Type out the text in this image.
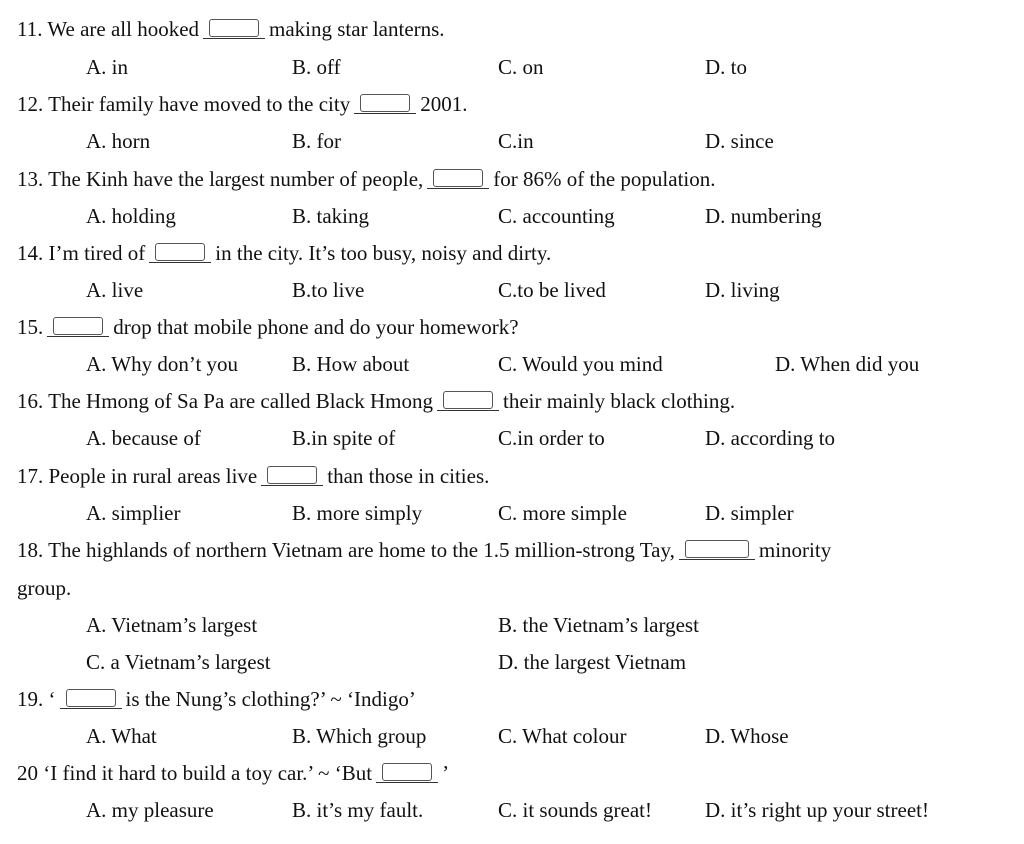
11. We are all hooked	making star lanterns.
A. in	B. off	C. on	D. to
12. Their family have moved to the city	2001.
A. horn	B. for	C.in	D. since
13. The Kinh have the largest number of people,	for 86% of the population.
A. holding	B. taking	C. accounting	D. numbering
14. I’m tired of	in the city. It’s too busy, noisy and dirty.
A. live	B.to live	C.to be lived	D. living
15.	drop that mobile phone and do your homework?
A. Why don’t you	B. How about	C. Would you mind	D. When did you
16. The Hmong of Sa Pa are called Black Hmong	their mainly black clothing.
A. because of	B.in spite of	C.in order to	D. according to
17. People in rural areas live	than those in cities.
A. simplier	B. more simply	C. more simple	D. simpler
18. The highlands of northern Vietnam are home to the 1.5 million-strong Tay,	minority
group.
A. Vietnam’s largest	B. the Vietnam’s largest
C. a Vietnam’s largest	D. the largest Vietnam
19. ‘	is the Nung’s clothing?’ ~ ‘Indigo’
A. What	B. Which group	C. What colour	D. Whose
20 ‘I find it hard to build a toy car.’ ~ ‘But	’
A. my pleasure	B. it’s my fault.	C. it sounds great!	D. it’s right up your street!
